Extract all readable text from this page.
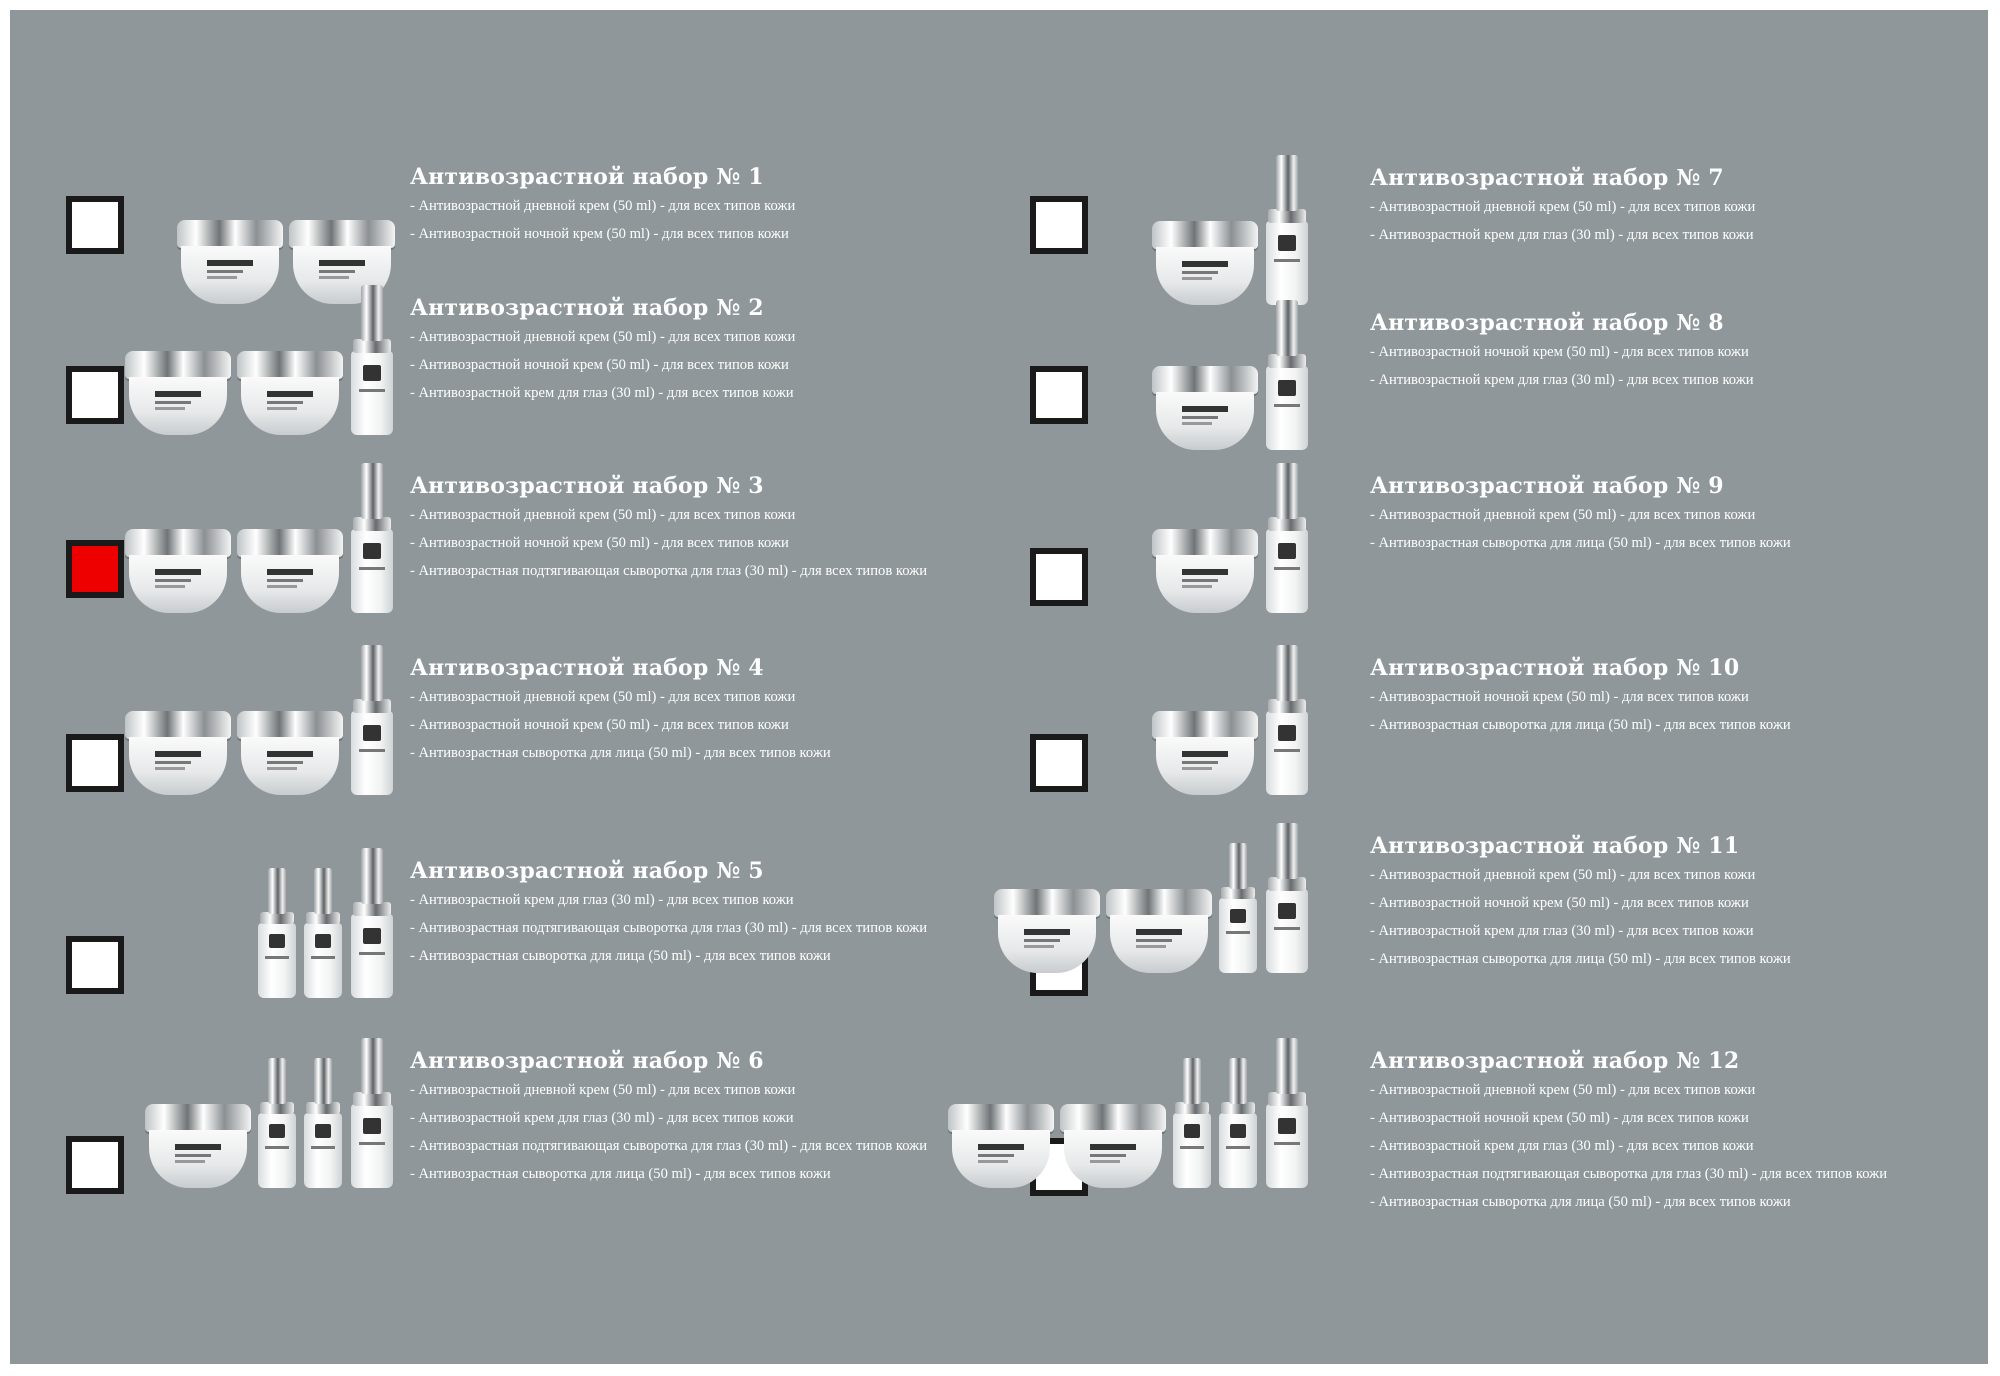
Антивозрастной набор № 1
- Антивозрастной дневной крем (50 ml) - для всех типов кожи
- Антивозрастной ночной крем (50 ml) - для всех типов кожи
Антивозрастной набор № 2
- Антивозрастной дневной крем (50 ml) - для всех типов кожи
- Антивозрастной ночной крем (50 ml) - для всех типов кожи
- Антивозрастной крем для глаз (30 ml) - для всех типов кожи
Антивозрастной набор № 3
- Антивозрастной дневной крем (50 ml) - для всех типов кожи
- Антивозрастной ночной крем (50 ml) - для всех типов кожи
- Антивозрастная подтягивающая сыворотка для глаз (30 ml) - для всех типов кожи
Антивозрастной набор № 4
- Антивозрастной дневной крем (50 ml) - для всех типов кожи
- Антивозрастной ночной крем (50 ml) - для всех типов кожи
- Антивозрастная сыворотка для лица (50 ml) - для всех типов кожи
Антивозрастной набор № 5
- Антивозрастной крем для глаз (30 ml) - для всех типов кожи
- Антивозрастная подтягивающая сыворотка для глаз (30 ml) - для всех типов кожи
- Антивозрастная сыворотка для лица (50 ml) - для всех типов кожи
Антивозрастной набор № 6
- Антивозрастной дневной крем (50 ml) - для всех типов кожи
- Антивозрастной крем для глаз (30 ml) - для всех типов кожи
- Антивозрастная подтягивающая сыворотка для глаз (30 ml) - для всех типов кожи
- Антивозрастная сыворотка для лица (50 ml) - для всех типов кожи
Антивозрастной набор № 7
- Антивозрастной дневной крем (50 ml) - для всех типов кожи
- Антивозрастной крем для глаз (30 ml) - для всех типов кожи
Антивозрастной набор № 8
- Антивозрастной ночной крем (50 ml) - для всех типов кожи
- Антивозрастной крем для глаз (30 ml) - для всех типов кожи
Антивозрастной набор № 9
- Антивозрастной дневной крем (50 ml) - для всех типов кожи
- Антивозрастная сыворотка для лица (50 ml) - для всех типов кожи
Антивозрастной набор № 10
- Антивозрастной ночной крем (50 ml) - для всех типов кожи
- Антивозрастная сыворотка для лица (50 ml) - для всех типов кожи
Антивозрастной набор № 11
- Антивозрастной дневной крем (50 ml) - для всех типов кожи
- Антивозрастной ночной крем (50 ml) - для всех типов кожи
- Антивозрастной крем для глаз (30 ml) - для всех типов кожи
- Антивозрастная сыворотка для лица (50 ml) - для всех типов кожи
Антивозрастной набор № 12
- Антивозрастной дневной крем (50 ml) - для всех типов кожи
- Антивозрастной ночной крем (50 ml) - для всех типов кожи
- Антивозрастной крем для глаз (30 ml) - для всех типов кожи
- Антивозрастная подтягивающая сыворотка для глаз (30 ml) - для всех типов кожи
- Антивозрастная сыворотка для лица (50 ml) - для всех типов кожи
